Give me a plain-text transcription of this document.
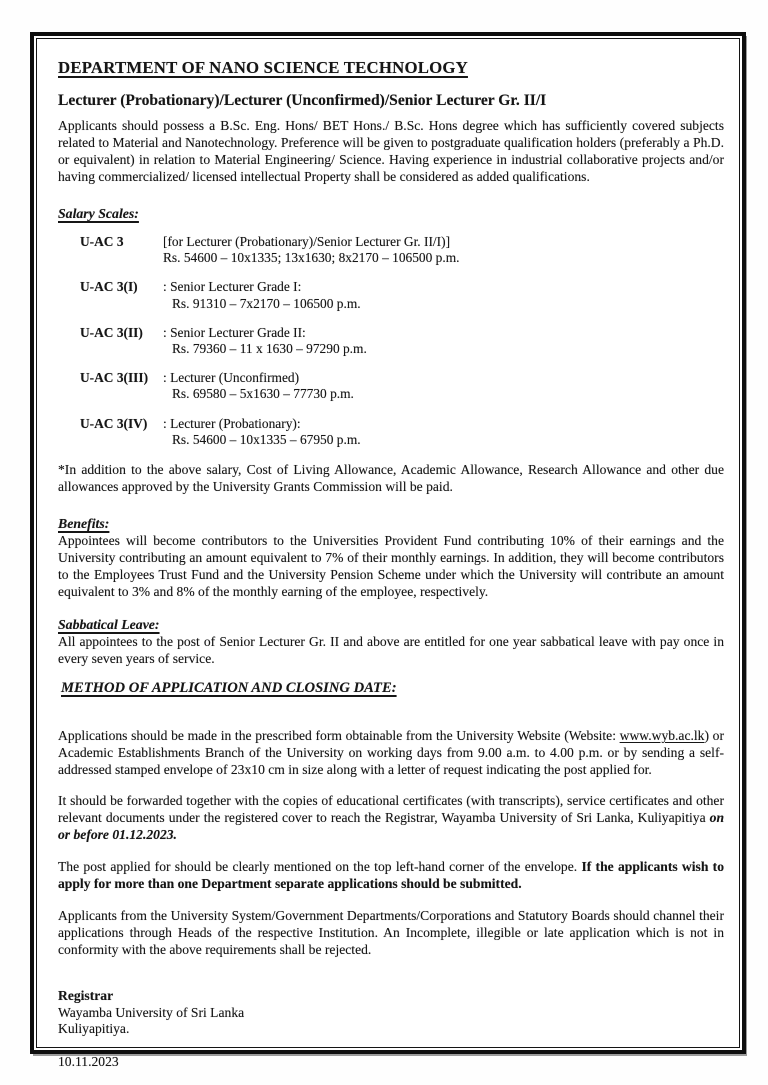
DEPARTMENT OF NANO SCIENCE TECHNOLOGY
Lecturer (Probationary)/Lecturer (Unconfirmed)/Senior Lecturer Gr. II/I

Applicants should possess a B.Sc. Eng. Hons/ BET Hons./ B.Sc. Hons degree which has sufficiently covered subjects related to Material and Nanotechnology. Preference will be given to postgraduate qualification holders (preferably a Ph.D. or equivalent) in relation to Material Engineering/ Science. Having experience in industrial collaborative projects and/or having commercialized/ licensed intellectual Property shall be considered as added qualifications.

Salary Scales:
U-AC 3	[for Lecturer (Probationary)/Senior Lecturer Gr. II/I)]
Rs. 54600 – 10x1335; 13x1630; 8x2170 – 106500 p.m.
U-AC 3(I)	: Senior Lecturer Grade I:
Rs. 91310 – 7x2170 – 106500 p.m.
U-AC 3(II)	: Senior Lecturer Grade II:
Rs. 79360 – 11 x 1630 – 97290 p.m.
U-AC 3(III)	: Lecturer (Unconfirmed)
Rs. 69580 – 5x1630 – 77730 p.m.
U-AC 3(IV)	: Lecturer (Probationary):
Rs. 54600 – 10x1335 – 67950 p.m.

*In addition to the above salary, Cost of Living Allowance, Academic Allowance, Research Allowance and other due allowances approved by the University Grants Commission will be paid.

Benefits:

Appointees will become contributors to the Universities Provident Fund contributing 10% of their earnings and the University contributing an amount equivalent to 7% of their monthly earnings. In addition, they will become contributors to the Employees Trust Fund and the University Pension Scheme under which the University will contribute an amount equivalent to 3% and 8% of the monthly earning of the employee, respectively.

Sabbatical Leave:

All appointees to the post of Senior Lecturer Gr. II and above are entitled for one year sabbatical leave with pay once in every seven years of service.

METHOD OF APPLICATION AND CLOSING DATE:

Applications should be made in the prescribed form obtainable from the University Website (Website: www.wyb.ac.lk) or Academic Establishments Branch of the University on working days from 9.00 a.m. to 4.00 p.m. or by sending a self-addressed stamped envelope of 23x10 cm in size along with a letter of request indicating the post applied for.

It should be forwarded together with the copies of educational certificates (with transcripts), service certificates and other relevant documents under the registered cover to reach the Registrar, Wayamba University of Sri Lanka, Kuliyapitiya on or before 01.12.2023.

The post applied for should be clearly mentioned on the top left-hand corner of the envelope. If the applicants wish to apply for more than one Department separate applications should be submitted.

Applicants from the University System/Government Departments/Corporations and Statutory Boards should channel their applications through Heads of the respective Institution. An Incomplete, illegible or late application which is not in conformity with the above requirements shall be rejected.

Registrar
Wayamba University of Sri Lanka
Kuliyapitiya.
10.11.2023
